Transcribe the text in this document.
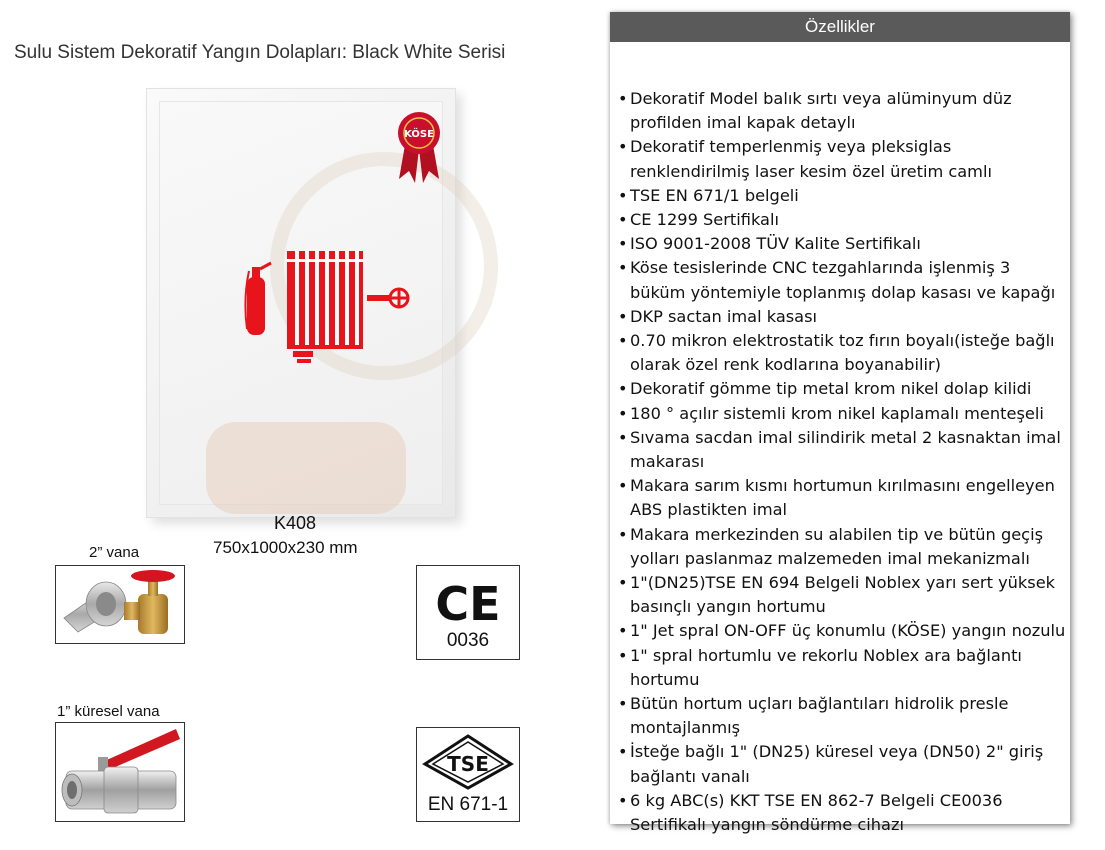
Sulu Sistem Dekoratif Yangın Dolapları: Black White Serisi
KÖSE
K408
750x1000x230 mm
2” vana
1” küresel vana
CE
0036
TSE
EN 671-1
Özellikler
• Dekoratif Model balık sırtı veya alüminyum düz profilden imal kapak detaylı
• Dekoratif temperlenmiş veya pleksiglas renklendirilmiş laser kesim özel üretim camlı
• TSE EN 671/1 belgeli
• CE 1299 Sertifikalı
• ISO 9001-2008 TÜV Kalite Sertifikalı
• Köse tesislerinde CNC tezgahlarında işlenmiş 3 büküm yöntemiyle toplanmış dolap kasası ve kapağı
• DKP sactan imal kasası
• 0.70 mikron elektrostatik toz fırın boyalı(isteğe bağlı olarak özel renk kodlarına boyanabilir)
• Dekoratif gömme tip metal krom nikel dolap kilidi
• 180 ° açılır sistemli krom nikel kaplamalı menteşeli
• Sıvama sacdan imal silindirik metal 2 kasnaktan imal makarası
• Makara sarım kısmı hortumun kırılmasını engelleyen ABS plastikten imal
• Makara merkezinden su alabilen tip ve bütün geçiş yolları paslanmaz malzemeden imal mekanizmalı
• 1"(DN25)TSE EN 694 Belgeli Noblex yarı sert yüksek basınçlı yangın hortumu
• 1" Jet spral ON-OFF üç konumlu (KÖSE) yangın nozulu
• 1" spral hortumlu ve rekorlu Noblex ara bağlantı hortumu
• Bütün hortum uçları bağlantıları hidrolik presle montajlanmış
• İsteğe bağlı 1" (DN25) küresel veya (DN50) 2" giriş bağlantı vanalı
• 6 kg ABC(s) KKT TSE EN 862-7 Belgeli CE0036 Sertifikalı yangın söndürme cihazı
